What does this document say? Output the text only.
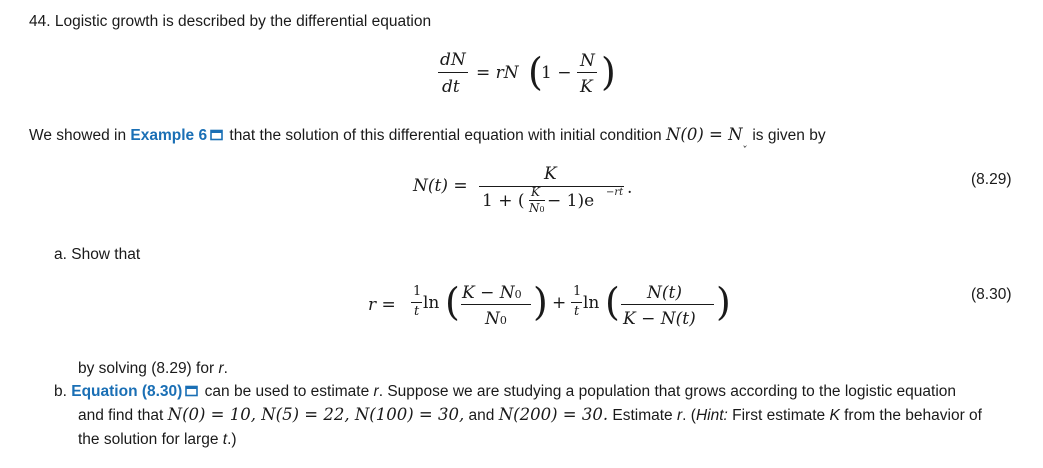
44. Logistic growth is described by the differential equation
dN
dt
= rN (
1 −
N
K )
We showed in Example 6 that the solution of this differential equation with initial condition $N(0) = N_˯$ is given by
N(t) =
K
1 + ( K
N0 − 1)e −rt .	(8.29)
a. Show that
r =
1
t ln ( K − N0
N0 ) +
1
t ln ( N(t)
K − N(t) )	(8.30)
by solving (8.29) for r.
b. Equation (8.30) can be used to estimate r. Suppose we are studying a population that grows according to the logistic equation
and find that N(0) = 10, N(5) = 22, N(100) = 30, and N(200) = 30. Estimate r. (Hint: First estimate K from the behavior of
the solution for large t.)
